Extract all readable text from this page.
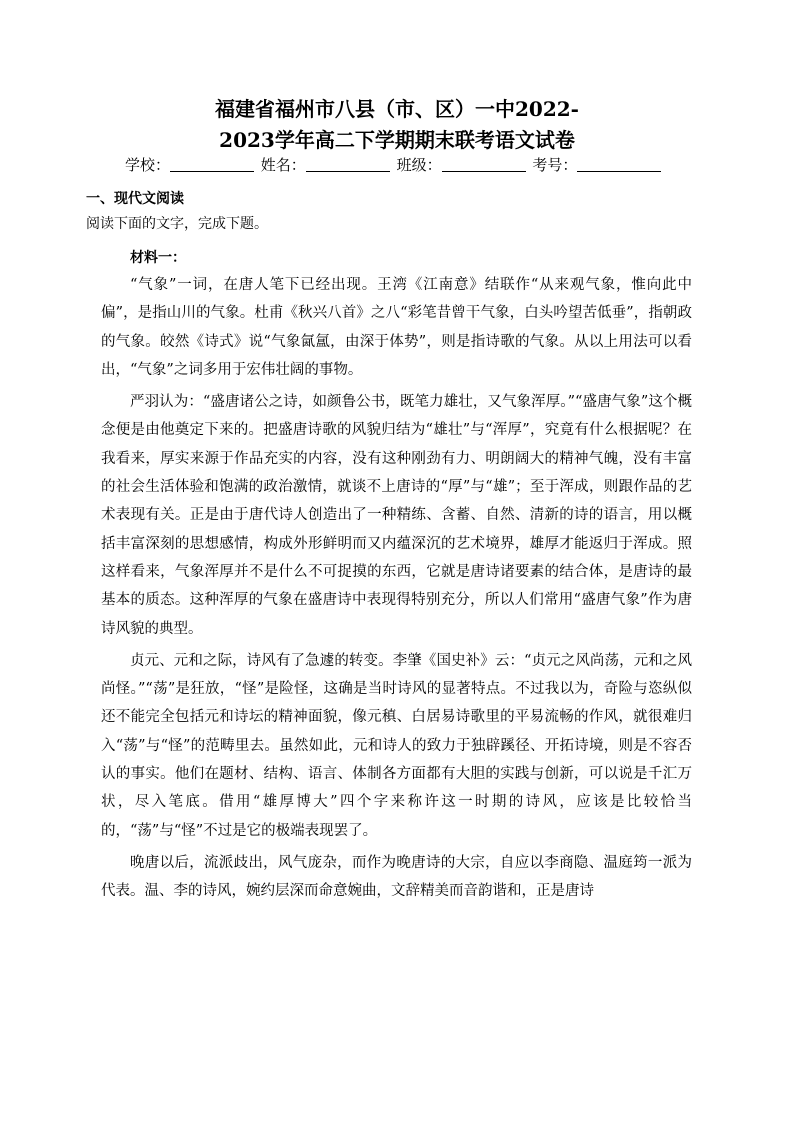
福建省福州市八县（市、区）一中2022-
2023学年高二下学期期末联考语文试卷
学校：	姓名：	班级：	考号：
一、现代文阅读
阅读下面的文字，完成下题。
材料一：

“气象”一词，在唐人笔下已经出现。王湾《江南意》结联作“从来观气象，惟向此中偏”，是指山川的气象。杜甫《秋兴八首》之八“彩笔昔曾干气象，白头吟望苦低垂”，指朝政的气象。皎然《诗式》说“气象氤氲，由深于体势”，则是指诗歌的气象。从以上用法可以看出，“气象”之词多用于宏伟壮阔的事物。

严羽认为：“盛唐诸公之诗，如颜鲁公书，既笔力雄壮，又气象浑厚。”“盛唐气象”这个概念便是由他奠定下来的。把盛唐诗歌的风貌归结为“雄壮”与“浑厚”，究竟有什么根据呢？在我看来，厚实来源于作品充实的内容，没有这种刚劲有力、明朗阔大的精神气魄，没有丰富的社会生活体验和饱满的政治激情，就谈不上唐诗的“厚”与“雄”；至于浑成，则跟作品的艺术表现有关。正是由于唐代诗人创造出了一种精练、含蓄、自然、清新的诗的语言，用以概括丰富深刻的思想感情，构成外形鲜明而又内蕴深沉的艺术境界，雄厚才能返归于浑成。照这样看来，气象浑厚并不是什么不可捉摸的东西，它就是唐诗诸要素的结合体，是唐诗的最基本的质态。这种浑厚的气象在盛唐诗中表现得特别充分，所以人们常用“盛唐气象”作为唐诗风貌的典型。

贞元、元和之际，诗风有了急遽的转变。李肇《国史补》云：“贞元之风尚荡，元和之风尚怪。”“荡”是狂放，“怪”是险怪，这确是当时诗风的显著特点。不过我以为，奇险与恣纵似还不能完全包括元和诗坛的精神面貌，像元稹、白居易诗歌里的平易流畅的作风，就很难归入“荡”与“怪”的范畴里去。虽然如此，元和诗人的致力于独辟蹊径、开拓诗境，则是不容否认的事实。他们在题材、结构、语言、体制各方面都有大胆的实践与创新，可以说是千汇万状，尽入笔底。借用“雄厚博大”四个字来称许这一时期的诗风，应该是比较恰当的，“荡”与“怪”不过是它的极端表现罢了。

晚唐以后，流派歧出，风气庞杂，而作为晚唐诗的大宗，自应以李商隐、温庭筠一派为代表。温、李的诗风，婉约层深而命意婉曲，文辞精美而音韵谐和，正是唐诗
